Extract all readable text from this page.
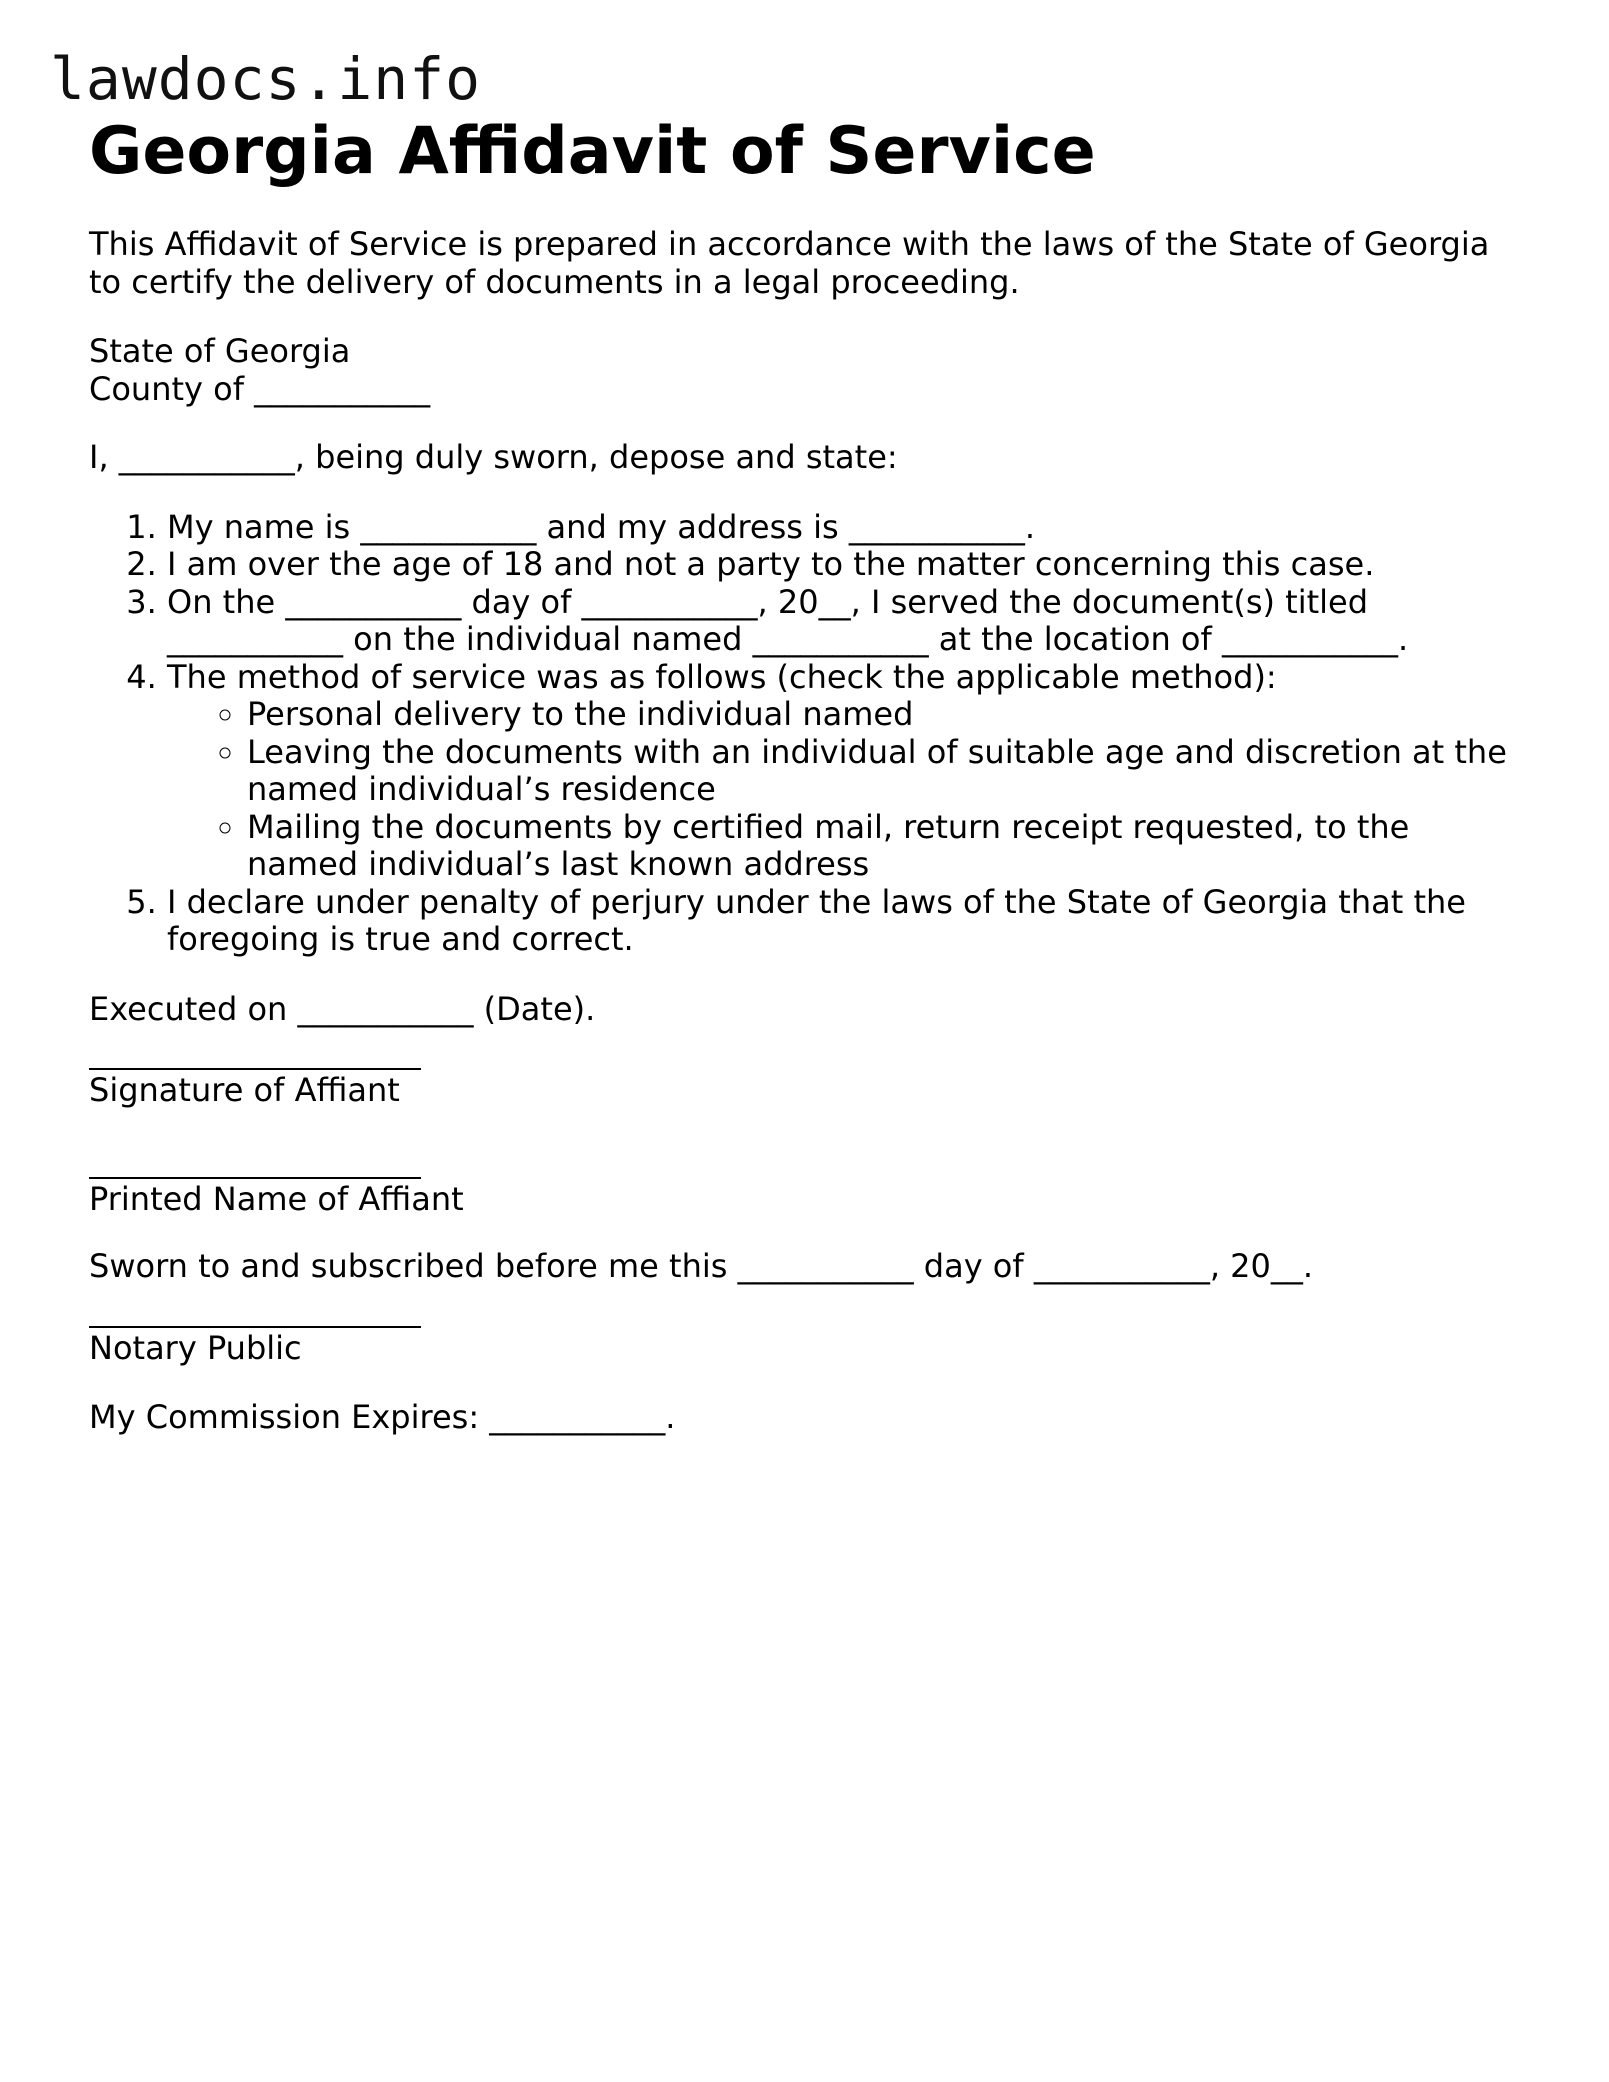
lawdocs.info
Georgia Affidavit of Service

This Affidavit of Service is prepared in accordance with the laws of the State of Georgia to certify the delivery of documents in a legal proceeding.

State of Georgia

County of ___________

I, ___________, being duly sworn, depose and state:

1. My name is ___________ and my address is ___________.
2. I am over the age of 18 and not a party to the matter concerning this case.
3. On the ___________ day of ___________, 20__, I served the document(s) titled ___________ on the individual named ___________ at the location of ___________.
4. The method of service was as follows (check the applicable method):
◦ Personal delivery to the individual named
◦ Leaving the documents with an individual of suitable age and discretion at the named individual’s residence
◦ Mailing the documents by certified mail, return receipt requested, to the named individual’s last known address
5. I declare under penalty of perjury under the laws of the State of Georgia that the foregoing is true and correct.

Executed on ___________ (Date).

Signature of Affiant

Printed Name of Affiant

Sworn to and subscribed before me this ___________ day of ___________, 20__.

Notary Public

My Commission Expires: ___________.
